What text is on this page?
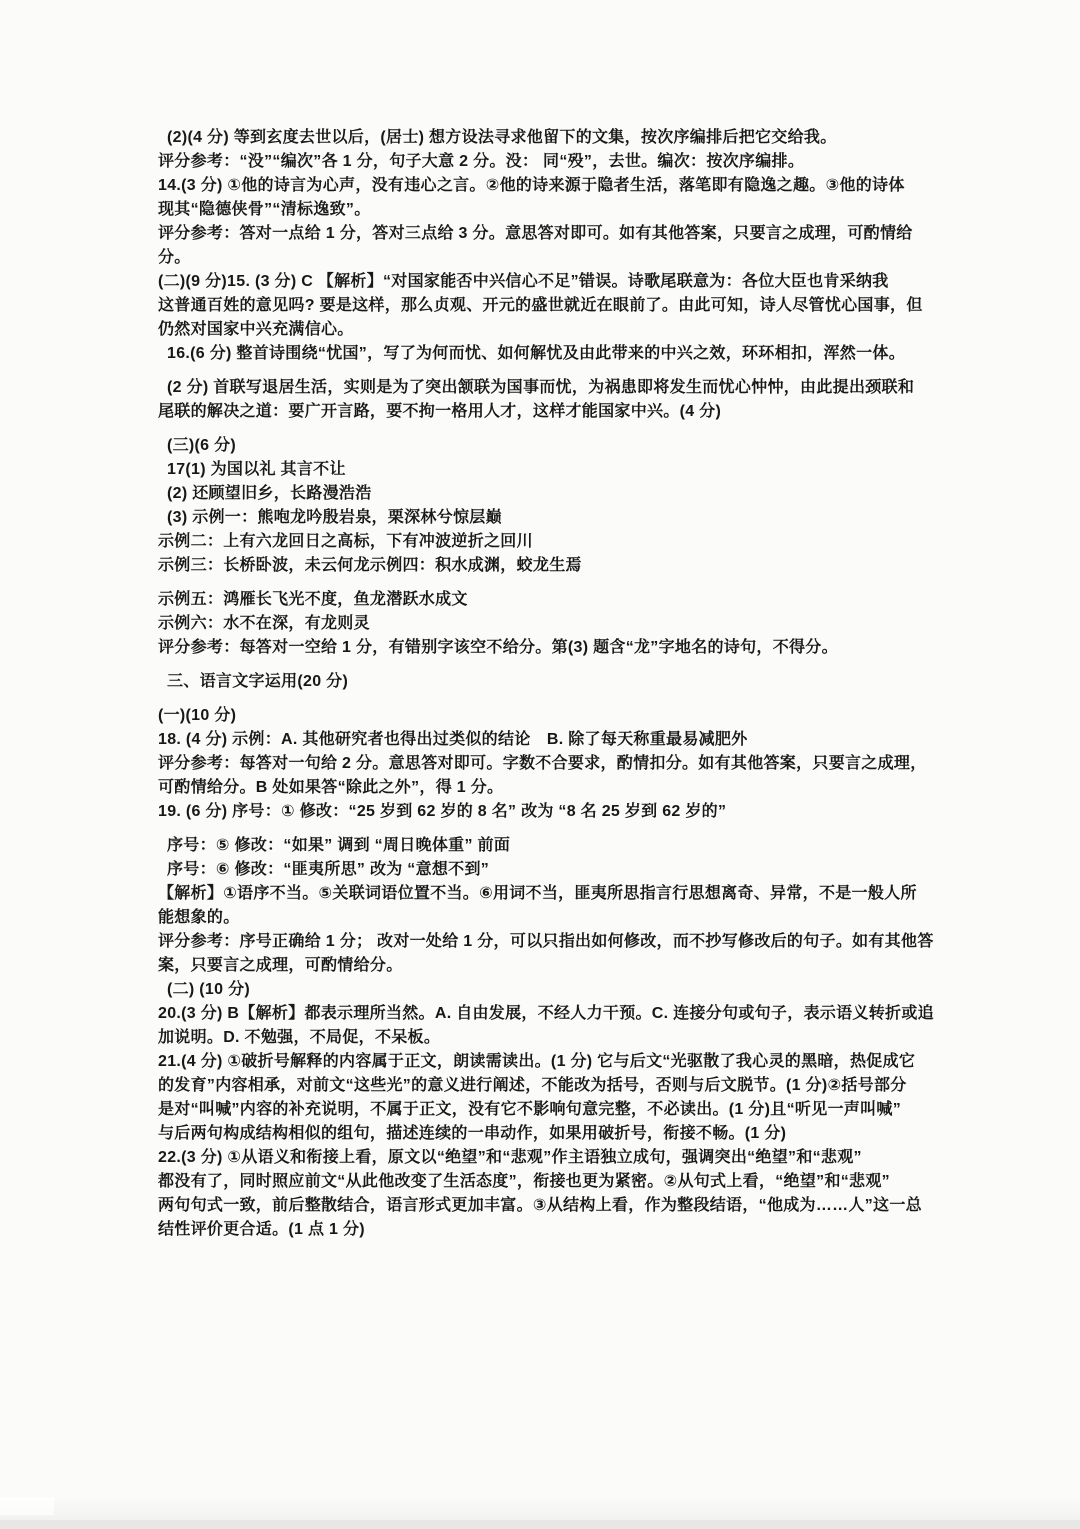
(2)(4 分) 等到玄度去世以后，(居士) 想方设法寻求他留下的文集，按次序编排后把它交给我。

评分参考：“没”“编次”各 1 分，句子大意 2 分。没： 同“殁”，去世。编次：按次序编排。

14.(3 分) ①他的诗言为心声，没有违心之言。②他的诗来源于隐者生活，落笔即有隐逸之趣。③他的诗体

现其“隐德侠骨”“清标逸致”。

评分参考：答对一点给 1 分，答对三点给 3 分。意思答对即可。如有其他答案，只要言之成理，可酌情给

分。

(二)(9 分)15. (3 分) C 【解析】“对国家能否中兴信心不足”错误。诗歌尾联意为：各位大臣也肯采纳我

这普通百姓的意见吗? 要是这样，那么贞观、开元的盛世就近在眼前了。由此可知，诗人尽管忧心国事，但

仍然对国家中兴充满信心。

16.(6 分) 整首诗围绕“忧国”，写了为何而忧、如何解忧及由此带来的中兴之效，环环相扣，浑然一体。

(2 分) 首联写退居生活，实则是为了突出颔联为国事而忧，为祸患即将发生而忧心忡忡，由此提出颈联和

尾联的解决之道：要广开言路，要不拘一格用人才，这样才能国家中兴。(4 分)

(三)(6 分)

17(1) 为国以礼 其言不让

(2) 还顾望旧乡，长路漫浩浩

(3) 示例一：熊咆龙吟殷岩泉，栗深林兮惊层巅

示例二：上有六龙回日之高标，下有冲波逆折之回川

示例三：长桥卧波，未云何龙示例四：积水成渊，蛟龙生焉

示例五：鸿雁长飞光不度，鱼龙潜跃水成文

示例六：水不在深，有龙则灵

评分参考：每答对一空给 1 分，有错别字该空不给分。第(3) 题含“龙”字地名的诗句，不得分。

三、语言文字运用(20 分)

(一)(10 分)

18. (4 分) 示例：A. 其他研究者也得出过类似的结论　B. 除了每天称重最易减肥外

评分参考：每答对一句给 2 分。意思答对即可。字数不合要求，酌情扣分。如有其他答案，只要言之成理，

可酌情给分。B 处如果答“除此之外”，得 1 分。

19. (6 分) 序号：① 修改：“25 岁到 62 岁的 8 名” 改为 “8 名 25 岁到 62 岁的”

序号：⑤ 修改：“如果” 调到 “周日晚体重” 前面

序号：⑥ 修改：“匪夷所思” 改为 “意想不到”

【解析】①语序不当。⑤关联词语位置不当。⑥用词不当，匪夷所思指言行思想离奇、异常，不是一般人所

能想象的。

评分参考：序号正确给 1 分； 改对一处给 1 分，可以只指出如何修改，而不抄写修改后的句子。如有其他答

案，只要言之成理，可酌情给分。

(二) (10 分)

20.(3 分) B【解析】都表示理所当然。A. 自由发展，不经人力干预。C. 连接分句或句子，表示语义转折或追

加说明。D. 不勉强，不局促，不呆板。

21.(4 分) ①破折号解释的内容属于正文，朗读需读出。(1 分) 它与后文“光驱散了我心灵的黑暗，热促成它

的发育”内容相承，对前文“这些光”的意义进行阐述，不能改为括号，否则与后文脱节。(1 分)②括号部分

是对“叫喊”内容的补充说明，不属于正文，没有它不影响句意完整，不必读出。(1 分)且“听见一声叫喊”

与后两句构成结构相似的组句，描述连续的一串动作，如果用破折号，衔接不畅。(1 分)

22.(3 分) ①从语义和衔接上看，原文以“绝望”和“悲观”作主语独立成句，强调突出“绝望”和“悲观”

都没有了，同时照应前文“从此他改变了生活态度”，衔接也更为紧密。②从句式上看，“绝望”和“悲观”

两句句式一致，前后整散结合，语言形式更加丰富。③从结构上看，作为整段结语，“他成为……人”这一总

结性评价更合适。(1 点 1 分)
